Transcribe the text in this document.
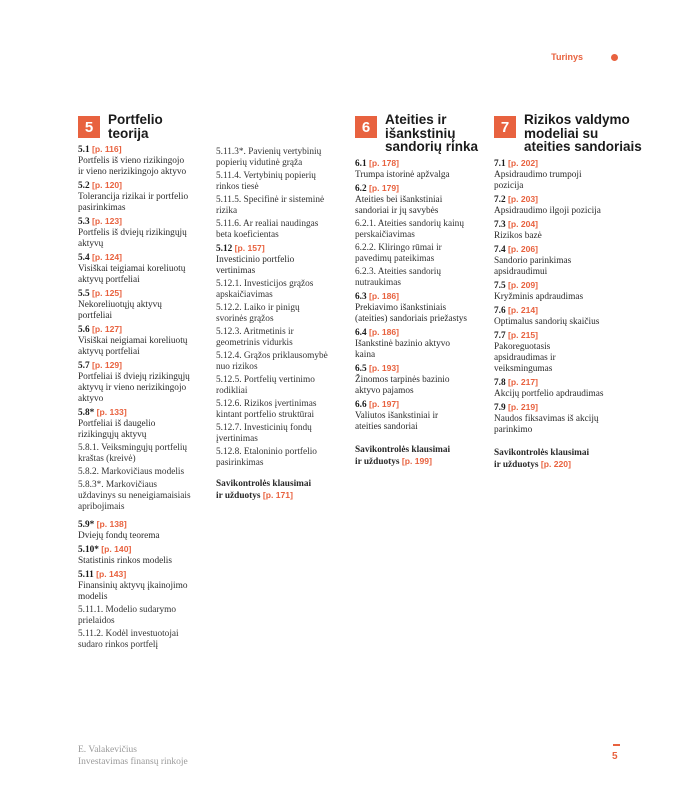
Turinys
5	Portfelio
teorija
5.1 [p. 116]
Portfelis iš vieno rizikingojo
ir vieno nerizikingojo aktyvo
5.2 [p. 120]
Tolerancija rizikai ir portfelio
pasirinkimas
5.3 [p. 123]
Portfelis iš dviejų rizikingųjų
aktyvų
5.4 [p. 124]
Visiškai teigiamai koreliuotų
aktyvų portfeliai
5.5 [p. 125]
Nekoreliuotųjų aktyvų
portfeliai
5.6 [p. 127]
Visiškai neigiamai koreliuotų
aktyvų portfeliai
5.7 [p. 129]
Portfeliai iš dviejų rizikingųjų
aktyvų ir vieno nerizikingojo
aktyvo
5.8* [p. 133]
Portfeliai iš daugelio
rizikingųjų aktyvų
5.8.1. Veiksmingųjų portfelių
kraštas (kreivė)
5.8.2. Markovičiaus modelis
5.8.3*. Markovičiaus
uždavinys su neneigiamaisiais
apribojimais
5.9* [p. 138]
Dviejų fondų teorema
5.10* [p. 140]
Statistinis rinkos modelis
5.11 [p. 143]
Finansinių aktyvų įkainojimo
modelis
5.11.1. Modelio sudarymo
prielaidos
5.11.2. Kodėl investuotojai
sudaro rinkos portfelį
5.11.3*. Pavienių vertybinių
popierių vidutinė grąža
5.11.4. Vertybinių popierių
rinkos tiesė
5.11.5. Specifinė ir sisteminė
rizika
5.11.6. Ar realiai naudingas
beta koeficientas
5.12 [p. 157]
Investicinio portfelio
vertinimas
5.12.1. Investicijos grąžos
apskaičiavimas
5.12.2. Laiko ir pinigų
svorinės grąžos
5.12.3. Aritmetinis ir
geometrinis vidurkis
5.12.4. Grąžos priklausomybė
nuo rizikos
5.12.5. Portfelių vertinimo
rodikliai
5.12.6. Rizikos įvertinimas
kintant portfelio struktūrai
5.12.7. Investicinių fondų
įvertinimas
5.12.8. Etaloninio portfelio
pasirinkimas
Savikontrolės klausimai
ir užduotys [p. 171]
6	Ateities ir
išankstinių
sandorių rinka
6.1 [p. 178]
Trumpa istorinė apžvalga
6.2 [p. 179]
Ateities bei išankstiniai
sandoriai ir jų savybės
6.2.1. Ateities sandorių kainų
perskaičiavimas
6.2.2. Kliringo rūmai ir
pavedimų pateikimas
6.2.3. Ateities sandorių
nutraukimas
6.3 [p. 186]
Prekiavimo išankstiniais
(ateities) sandoriais priežastys
6.4 [p. 186]
Išankstinė bazinio aktyvo
kaina
6.5 [p. 193]
Žinomos tarpinės bazinio
aktyvo pajamos
6.6 [p. 197]
Valiutos išankstiniai ir
ateities sandoriai
Savikontrolės klausimai
ir užduotys [p. 199]
7	Rizikos valdymo
modeliai su
ateities sandoriais
7.1 [p. 202]
Apsidraudimo trumpoji
pozicija
7.2 [p. 203]
Apsidraudimo ilgoji pozicija
7.3 [p. 204]
Rizikos bazė
7.4 [p. 206]
Sandorio parinkimas
apsidraudimui
7.5 [p. 209]
Kryžminis apdraudimas
7.6 [p. 214]
Optimalus sandorių skaičius
7.7 [p. 215]
Pakoreguotasis
apsidraudimas ir
veiksmingumas
7.8 [p. 217]
Akcijų portfelio apdraudimas
7.9 [p. 219]
Naudos fiksavimas iš akcijų
parinkimo
Savikontrolės klausimai
ir užduotys [p. 220]
E. Valakevičius
Investavimas finansų rinkoje	5
